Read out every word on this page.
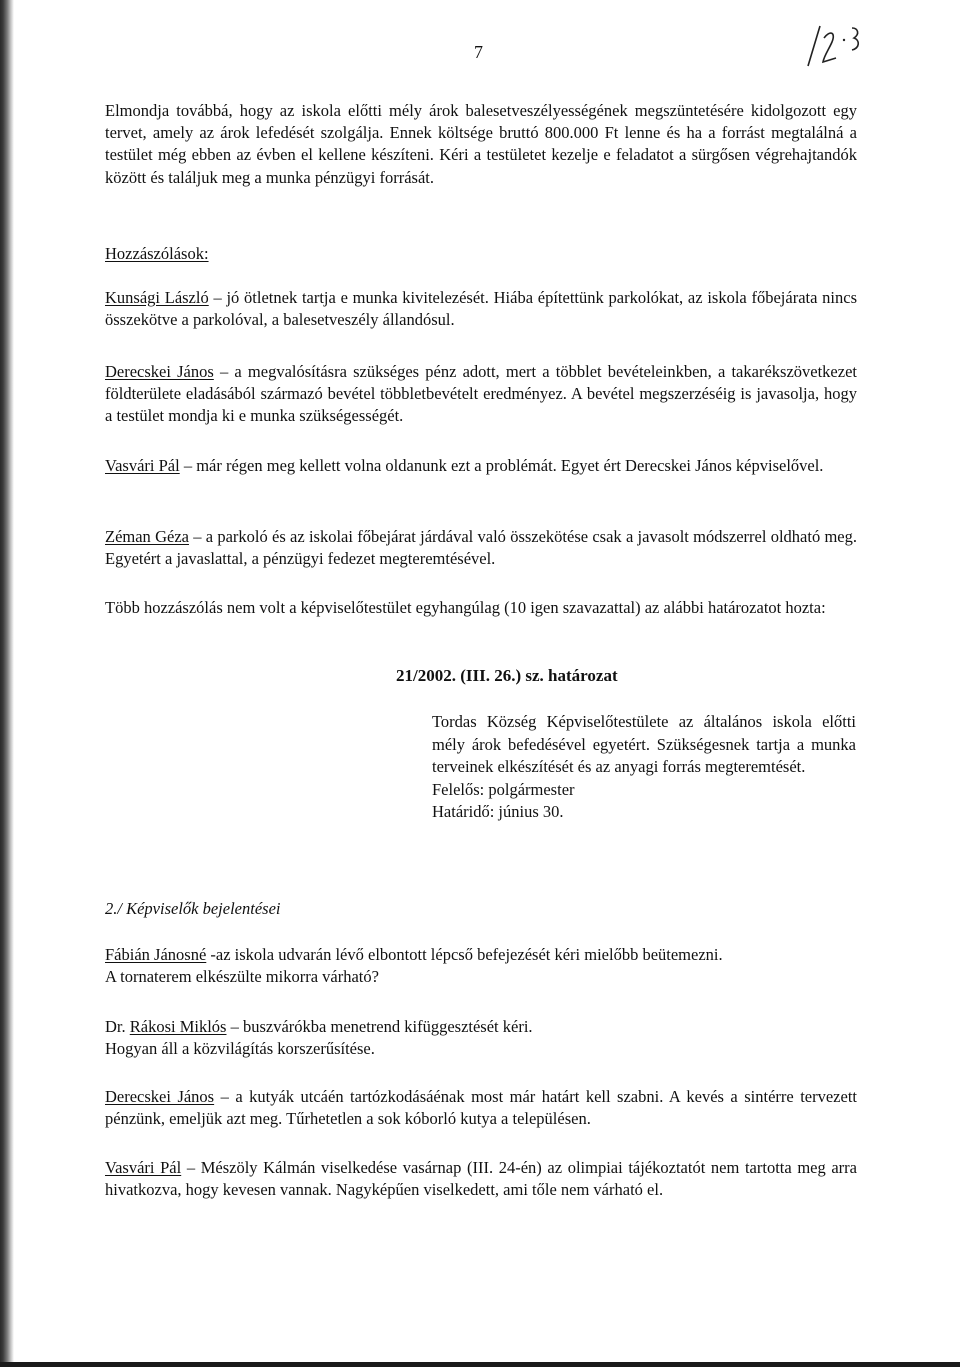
7

Elmondja továbbá, hogy az iskola előtti mély árok balesetveszélyességének megszüntetésére kidolgozott egy tervet, amely az árok lefedését szolgálja. Ennek költsége bruttó 800.000 Ft lenne és ha a forrást megtalálná a testület még ebben az évben el kellene készíteni. Kéri a testületet kezelje e feladatot a sürgősen végrehajtandók között és találjuk meg a munka pénzügyi forrását.

Hozzászólások:

Kunsági László – jó ötletnek tartja e munka kivitelezését. Hiába építettünk parkolókat, az iskola főbejárata nincs összekötve a parkolóval, a balesetveszély állandósul.

Derecskei János – a megvalósításra szükséges pénz adott, mert a többlet bevételeinkben, a takarékszövetkezet földterülete eladásából származó bevétel többletbevételt eredményez. A bevétel megszerzéséig is javasolja, hogy a testület mondja ki e munka szükségességét.

Vasvári Pál – már régen meg kellett volna oldanunk ezt a problémát. Egyet ért Derecskei János képviselővel.

Zéman Géza – a parkoló és az iskolai főbejárat járdával való összekötése csak a javasolt módszerrel oldható meg. Egyetért a javaslattal, a pénzügyi fedezet megteremtésével.

Több hozzászólás nem volt a képviselőtestület egyhangúlag (10 igen szavazattal) az alábbi határozatot hozta:

21/2002. (III. 26.) sz. határozat
Tordas Község Képviselőtestülete az általános iskola előtti mély árok befedésével egyetért. Szükségesnek tartja a munka terveinek elkészítését és az anyagi forrás megteremtését.
Felelős: polgármester
Határidő: június 30.
2./ Képviselők bejelentései

Fábián Jánosné -az iskola udvarán lévő elbontott lépcső befejezését kéri mielőbb beütemezni.
A tornaterem elkészülte mikorra várható?

Dr. Rákosi Miklós – buszvárókba menetrend kifüggesztését kéri.
Hogyan áll a közvilágítás korszerűsítése.

Derecskei János – a kutyák utcáén tartózkodásáénak most már határt kell szabni. A kevés a sintérre tervezett pénzünk, emeljük azt meg. Tűrhetetlen a sok kóborló kutya a településen.

Vasvári Pál – Mészöly Kálmán viselkedése vasárnap (III. 24-én) az olimpiai tájékoztatót nem tartotta meg arra hivatkozva, hogy kevesen vannak. Nagyképűen viselkedett, ami tőle nem várható el.
